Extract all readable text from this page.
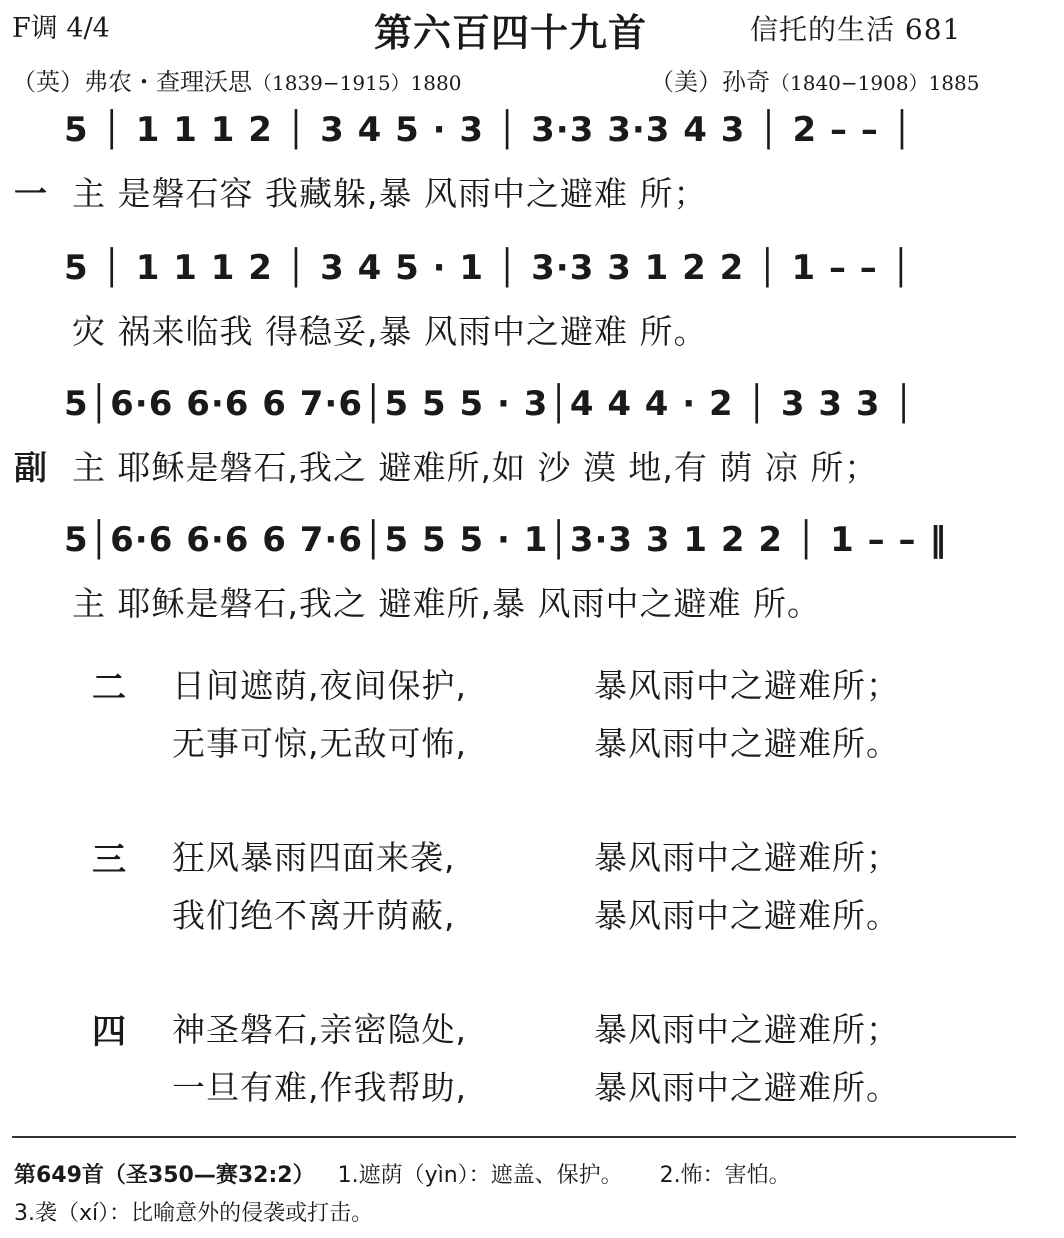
F调 4/4	第六百四十九首	信托的生活 681
（英）弗农・查理沃思（1839−1915）1880	（美）孙奇（1840−1908）1885
5 │ 1 1 1 2 │ 3 4 5 · 3 │ 3·3 3·3 4 3 │ 2 – – │
一 主 是磐石容 我藏躲,暴 风雨中之避难 所；
5 │ 1 1 1 2 │ 3 4 5 · 1 │ 3·3 3 1 2 2 │ 1 – – │
灾 祸来临我 得稳妥,暴 风雨中之避难 所。
5│6·6 6·6 6 7·6│5 5 5 · 3│4 4 4 · 2 │ 3 3 3 │
副 主 耶稣是磐石,我之 避难所,如 沙 漠 地,有 荫 凉 所；
5│6·6 6·6 6 7·6│5 5 5 · 1│3·3 3 1 2 2 │ 1 – – ‖
主 耶稣是磐石,我之 避难所,暴 风雨中之避难 所。
二 日间遮荫,夜间保护,	暴风雨中之避难所；
无事可惊,无敌可怖,	暴风雨中之避难所。
三 狂风暴雨四面来袭,	暴风雨中之避难所；
我们绝不离开荫蔽,	暴风雨中之避难所。
四 神圣磐石,亲密隐处,	暴风雨中之避难所；
一旦有难,作我帮助,	暴风雨中之避难所。
第649首（圣350—赛32:2） 1.遮荫（yìn）：遮盖、保护。 2.怖：害怕。
3.袭（xí）：比喻意外的侵袭或打击。
